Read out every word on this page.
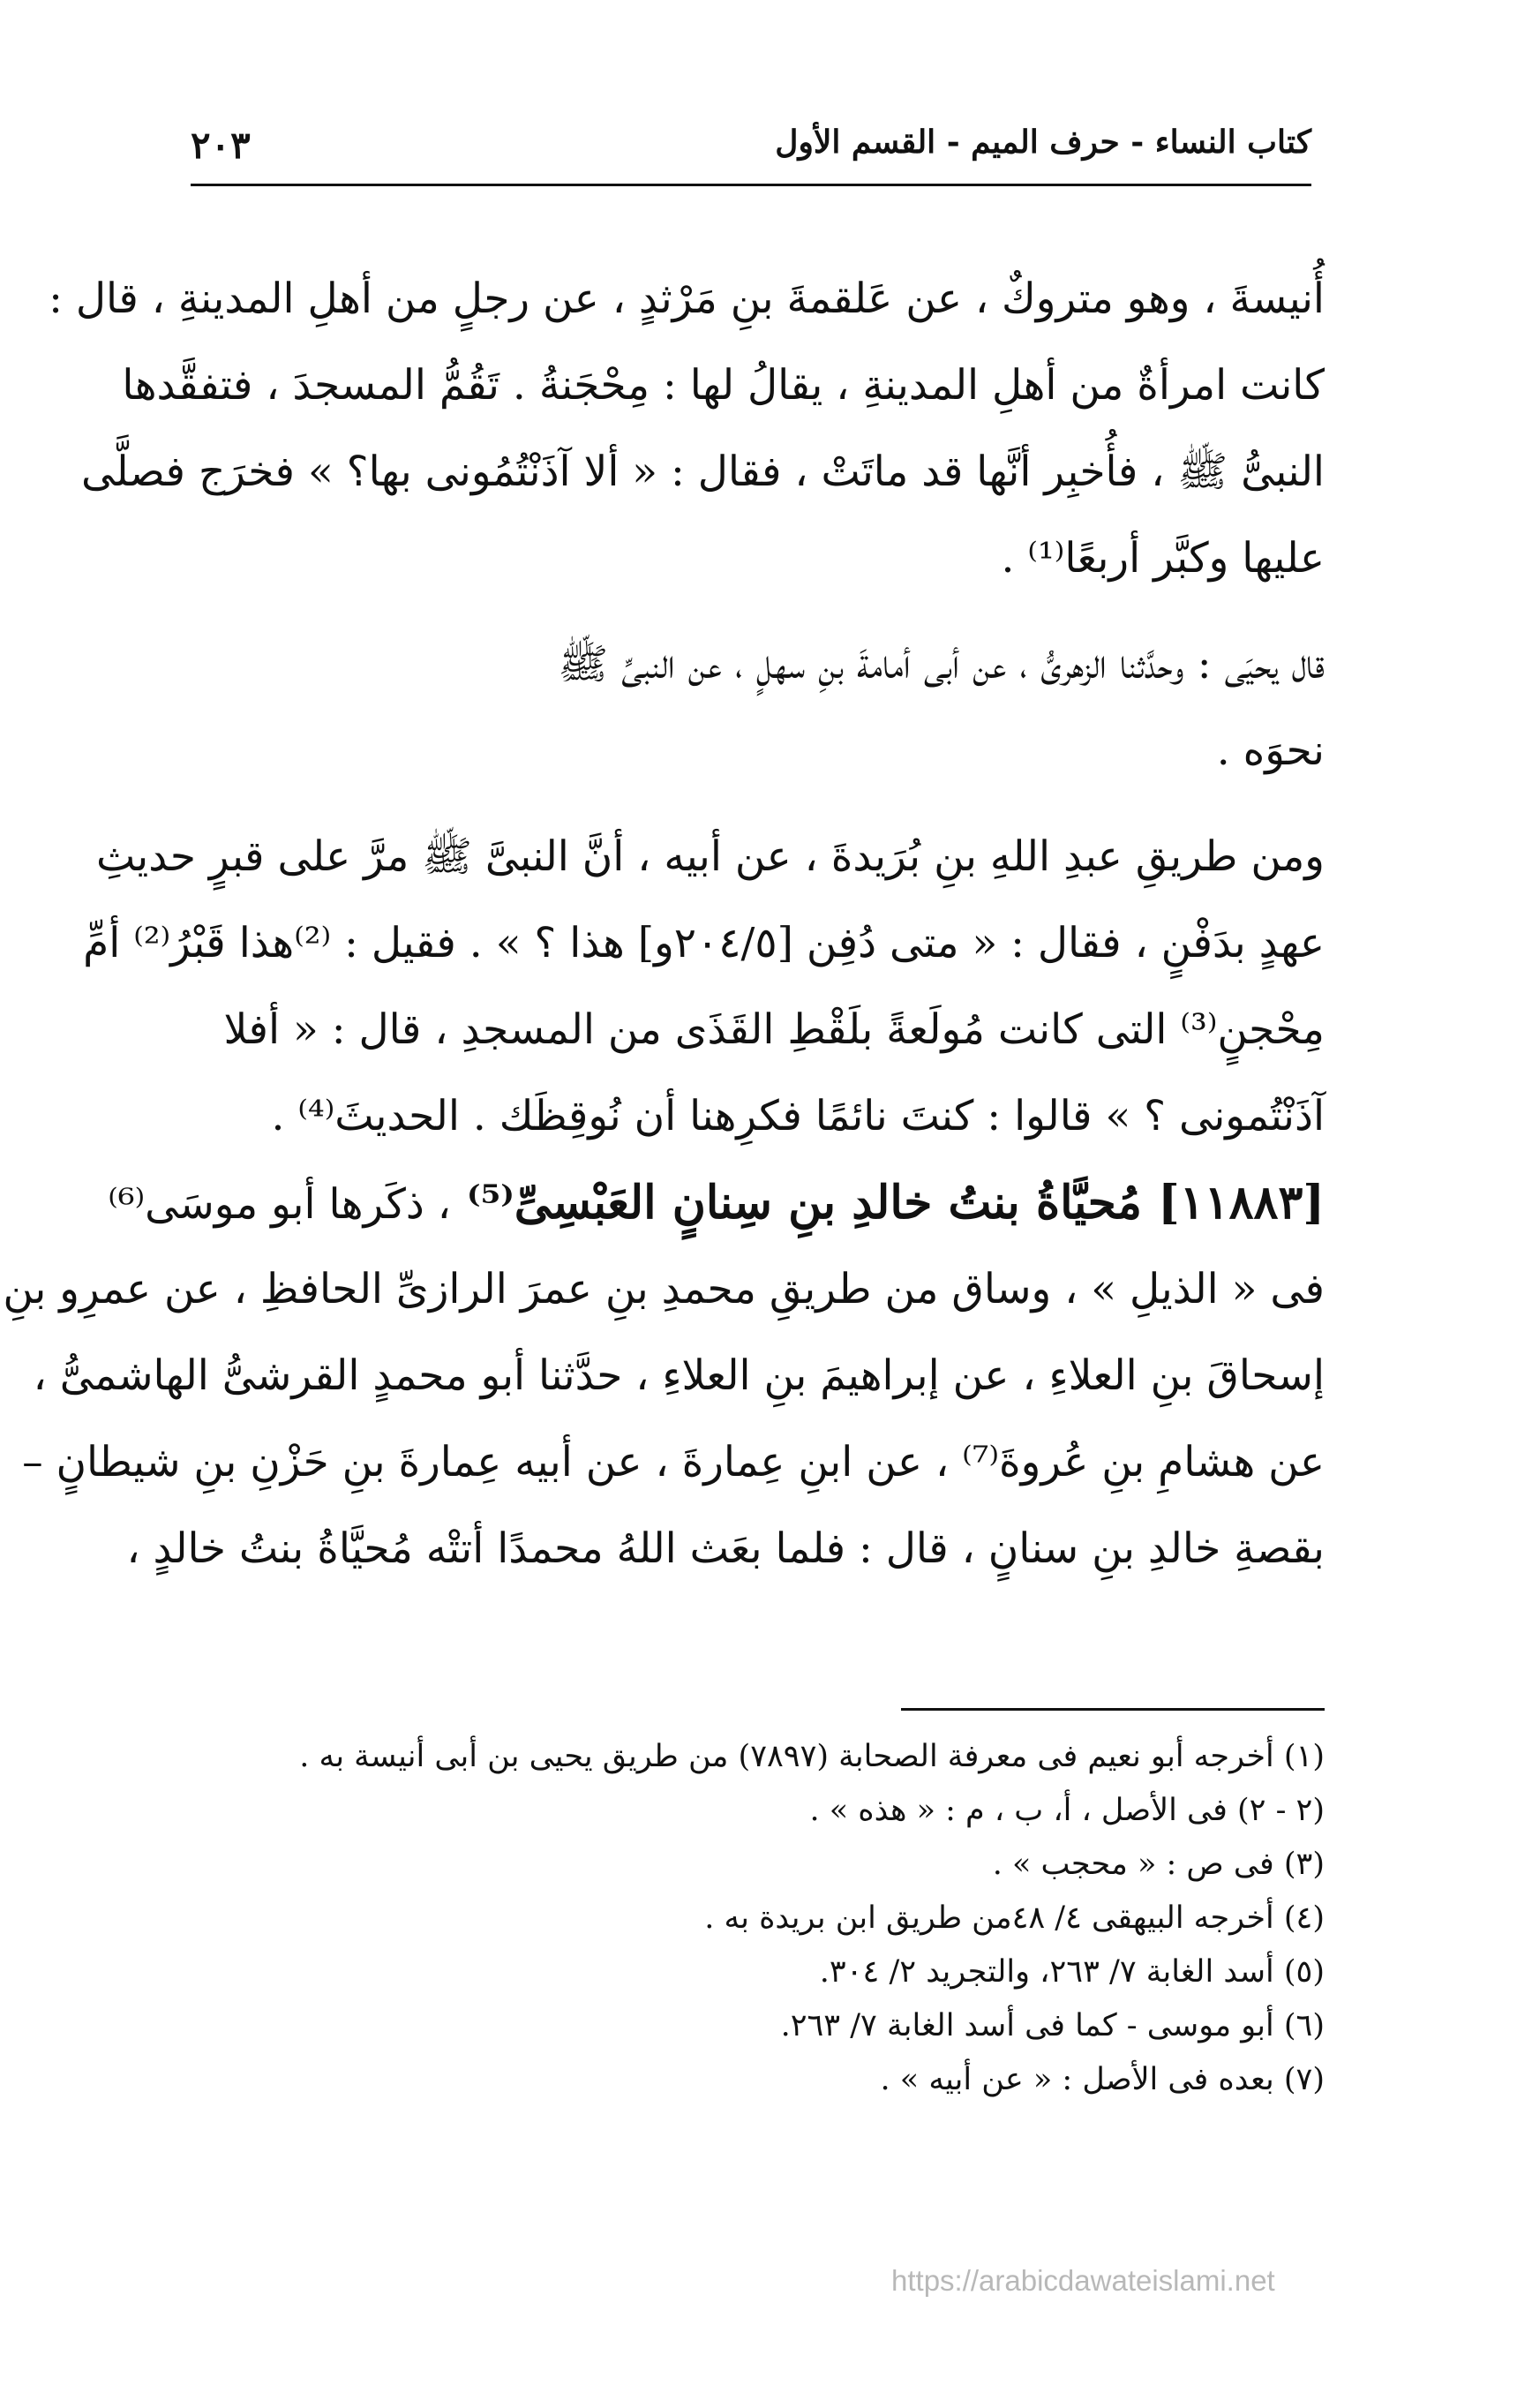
كتاب النساء - حرف الميم - القسم الأول
٢٠٣
أُنيسةَ ، وهو متروكٌ ، عن عَلقمةَ بنِ مَرْثدٍ ، عن رجلٍ من أهلِ المدينةِ ، قال :
كانت امرأةٌ من أهلِ المدينةِ ، يقالُ لها : مِحْجَنةُ . تَقُمُّ المسجدَ ، فتفقَّدها
النبىُّ ﷺ ، فأُخبِر أنَّها قد ماتَتْ ، فقال : « ألا آذَنْتُمُونى بها؟ » فخرَج فصلَّى
عليها وكبَّر أربعًا⁽¹⁾ .
قال يحيَى : وحدَّثنا الزهرىُّ ، عن أبى أمامةَ بنِ سهلٍ ، عن النبىِّ ﷺ
نحوَه .
ومن طريقِ عبدِ اللهِ بنِ بُرَيدةَ ، عن أبيه ، أنَّ النبىَّ ﷺ مرَّ على قبرٍ حديثِ
عهدٍ بدَفْنٍ ، فقال : « متى دُفِن [٢٠٤/٥و] هذا ؟ » . فقيل : ⁽²⁾هذا قَبْرُ⁽²⁾ أمِّ
مِحْجنٍ⁽³⁾ التى كانت مُولَعةً بلَقْطِ القَذَى من المسجدِ ، قال : « أفلا
آذَنْتُمونى ؟ » قالوا : كنتَ نائمًا فكرِهنا أن نُوقِظَك . الحديثَ⁽⁴⁾ .
[١١٨٨٣] مُحيَّاةُ بنتُ خالدِ بنِ سِنانٍ العَبْسِىِّ⁽⁵⁾ ، ذكَرها أبو موسَى⁽⁶⁾
فى « الذيلِ » ، وساق من طريقِ محمدِ بنِ عمرَ الرازىِّ الحافظِ ، عن عمرِو بنِ
إسحاقَ بنِ العلاءِ ، عن إبراهيمَ بنِ العلاءِ ، حدَّثنا أبو محمدٍ القرشىُّ الهاشمىُّ ،
عن هشامِ بنِ عُروةَ⁽⁷⁾ ، عن ابنِ عِمارةَ ، عن أبيه عِمارةَ بنِ حَزْنِ بنِ شيطانٍ –
بقصةِ خالدِ بنِ سنانٍ ، قال : فلما بعَث اللهُ محمدًا أتتْه مُحيَّاةُ بنتُ خالدٍ ،
(١) أخرجه أبو نعيم فى معرفة الصحابة (٧٨٩٧) من طريق يحيى بن أبى أنيسة به .
(٢ - ٢) فى الأصل ، أ، ب ، م : « هذه » .
(٣) فى ص : « محجب » .
(٤) أخرجه البيهقى ٤/ ٤٨من طريق ابن بريدة به .
(٥) أسد الغابة ٧/ ٢٦٣، والتجريد ٢/ ٣٠٤.
(٦) أبو موسى - كما فى أسد الغابة ٧/ ٢٦٣.
(٧) بعده فى الأصل : « عن أبيه » .
https://arabicdawateislami.net
